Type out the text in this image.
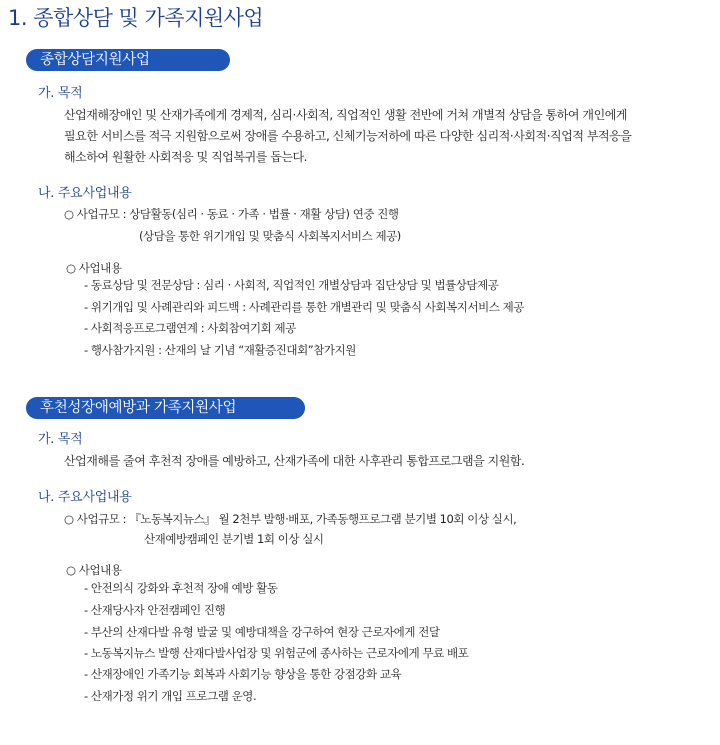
1. 종합상담 및 가족지원사업
종합상담지원사업
가. 목적
산업재해장애인 및 산재가족에게 경제적, 심리·사회적, 직업적인 생활 전반에 거쳐 개별적 상담을 통하여 개인에게
필요한 서비스를 적극 지원함으로써 장애를 수용하고, 신체기능저하에 따른 다양한 심리적·사회적·직업적 부적응을
해소하여 원활한 사회적응 및 직업복귀를 돕는다.
나. 주요사업내용
○ 사업규모 : 상담활동(심리 · 동료 · 가족 · 법률 · 재활 상담) 연중 진행
(상담을 통한 위기개입 및 맞춤식 사회복지서비스 제공)
○ 사업내용
- 동료상담 및 전문상담 : 심리 · 사회적, 직업적인 개별상담과 집단상담 및 법률상담제공
- 위기개입 및 사례관리와 피드백 : 사례관리를 통한 개별관리 및 맞춤식 사회복지서비스 제공
- 사회적응프로그램연계 : 사회참여기회 제공
- 행사참가지원 : 산재의 날 기념 “재활증진대회”참가지원
후천성장애예방과 가족지원사업
가. 목적
산업재해를 줄여 후천적 장애를 예방하고, 산재가족에 대한 사후관리 통합프로그램을 지원함.
나. 주요사업내용
○ 사업규모 : 『노동복지뉴스』 월 2천부 발행·배포, 가족동행프로그램 분기별 10회 이상 실시,
산재예방캠페인 분기별 1회 이상 실시
○ 사업내용
- 안전의식 강화와 후천적 장애 예방 활동
- 산재당사자 안전캠페인 진행
- 부산의 산재다발 유형 발굴 및 예방대책을 강구하여 현장 근로자에게 전달
- 노동복지뉴스 발행 산재다발사업장 및 위험군에 종사하는 근로자에게 무료 배포
- 산재장애인 가족기능 회복과 사회기능 향상을 통한 강점강화 교육
- 산재가정 위기 개입 프로그램 운영.
